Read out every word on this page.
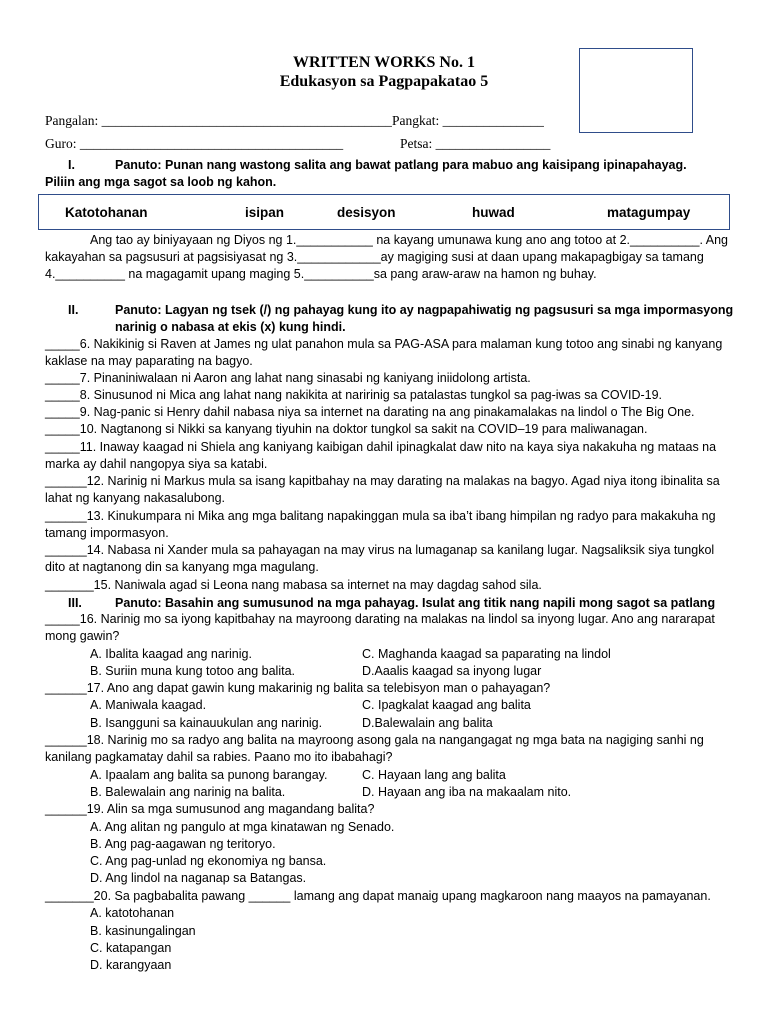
WRITTEN WORKS No. 1
Edukasyon sa Pagpapakatao 5
Pangalan: ___________________________________________ Pangkat: _______________
Guro: _______________________________________	Petsa: _________________
I.	Panuto: Punan nang wastong salita ang bawat patlang para mabuo ang kaisipang ipinapahayag.
Piliin ang mga sagot sa loob ng kahon.
Katotohanan	isipan	desisyon	huwad	matagumpay
Ang tao ay biniyayaan ng Diyos ng 1.___________ na kayang umunawa kung ano ang totoo at 2.__________. Ang
kakayahan sa pagsusuri at pagsisiyasat ng 3.____________ay magiging susi at daan upang makapagbigay sa tamang
4.__________ na magagamit upang maging 5.__________sa pang araw-araw na hamon ng buhay.
II.	Panuto: Lagyan ng tsek (/) ng pahayag kung ito ay nagpapahiwatig ng pagsusuri sa mga impormasyong
narinig o nabasa at ekis (x) kung hindi.
_____6. Nakikinig si Raven at James ng ulat panahon mula sa PAG-ASA para malaman kung totoo ang sinabi ng kanyang
kaklase na may paparating na bagyo.
_____7. Pinaniniwalaan ni Aaron ang lahat nang sinasabi ng kaniyang iniidolong artista.
_____8. Sinusunod ni Mica ang lahat nang nakikita at naririnig sa patalastas tungkol sa pag-iwas sa COVID-19.
_____9. Nag-panic si Henry dahil nabasa niya sa internet na darating na ang pinakamalakas na lindol o The Big One.
_____10. Nagtanong si Nikki sa kanyang tiyuhin na doktor tungkol sa sakit na COVID–19 para maliwanagan.
_____11. Inaway kaagad ni Shiela ang kaniyang kaibigan dahil ipinagkalat daw nito na kaya siya nakakuha ng mataas na
marka ay dahil nangopya siya sa katabi.
______12. Narinig ni Markus mula sa isang kapitbahay na may darating na malakas na bagyo. Agad niya itong ibinalita sa
lahat ng kanyang nakasalubong.
______13. Kinukumpara ni Mika ang mga balitang napakinggan mula sa iba’t ibang himpilan ng radyo para makakuha ng
tamang impormasyon.
______14. Nabasa ni Xander mula sa pahayagan na may virus na lumaganap sa kanilang lugar. Nagsaliksik siya tungkol
dito at nagtanong din sa kanyang mga magulang.
_______15. Naniwala agad si Leona nang mabasa sa internet na may dagdag sahod sila.
III.	Panuto: Basahin ang sumusunod na mga pahayag. Isulat ang titik nang napili mong sagot sa patlang
_____16. Narinig mo sa iyong kapitbahay na mayroong darating na malakas na lindol sa inyong lugar. Ano ang nararapat
mong gawin?
A. Ibalita kaagad ang narinig.	C. Maghanda kaagad sa paparating na lindol
B. Suriin muna kung totoo ang balita.	D.Aaalis kaagad sa inyong lugar
______17. Ano ang dapat gawin kung makarinig ng balita sa telebisyon man o pahayagan?
A. Maniwala kaagad.	C. Ipagkalat kaagad ang balita
B. Isangguni sa kainauukulan ang narinig.	D.Balewalain ang balita
______18. Narinig mo sa radyo ang balita na mayroong asong gala na nangangagat ng mga bata na nagiging sanhi ng
kanilang pagkamatay dahil sa rabies. Paano mo ito ibabahagi?
A. Ipaalam ang balita sa punong barangay.	C. Hayaan lang ang balita
B. Balewalain ang narinig na balita.	D. Hayaan ang iba na makaalam nito.
______19. Alin sa mga sumusunod ang magandang balita?
A. Ang alitan ng pangulo at mga kinatawan ng Senado.
B. Ang pag-aagawan ng teritoryo.
C. Ang pag-unlad ng ekonomiya ng bansa.
D. Ang lindol na naganap sa Batangas.
_______20. Sa pagbabalita pawang ______ lamang ang dapat manaig upang magkaroon nang maayos na pamayanan.
A. katotohanan
B. kasinungalingan
C. katapangan
D. karangyaan
